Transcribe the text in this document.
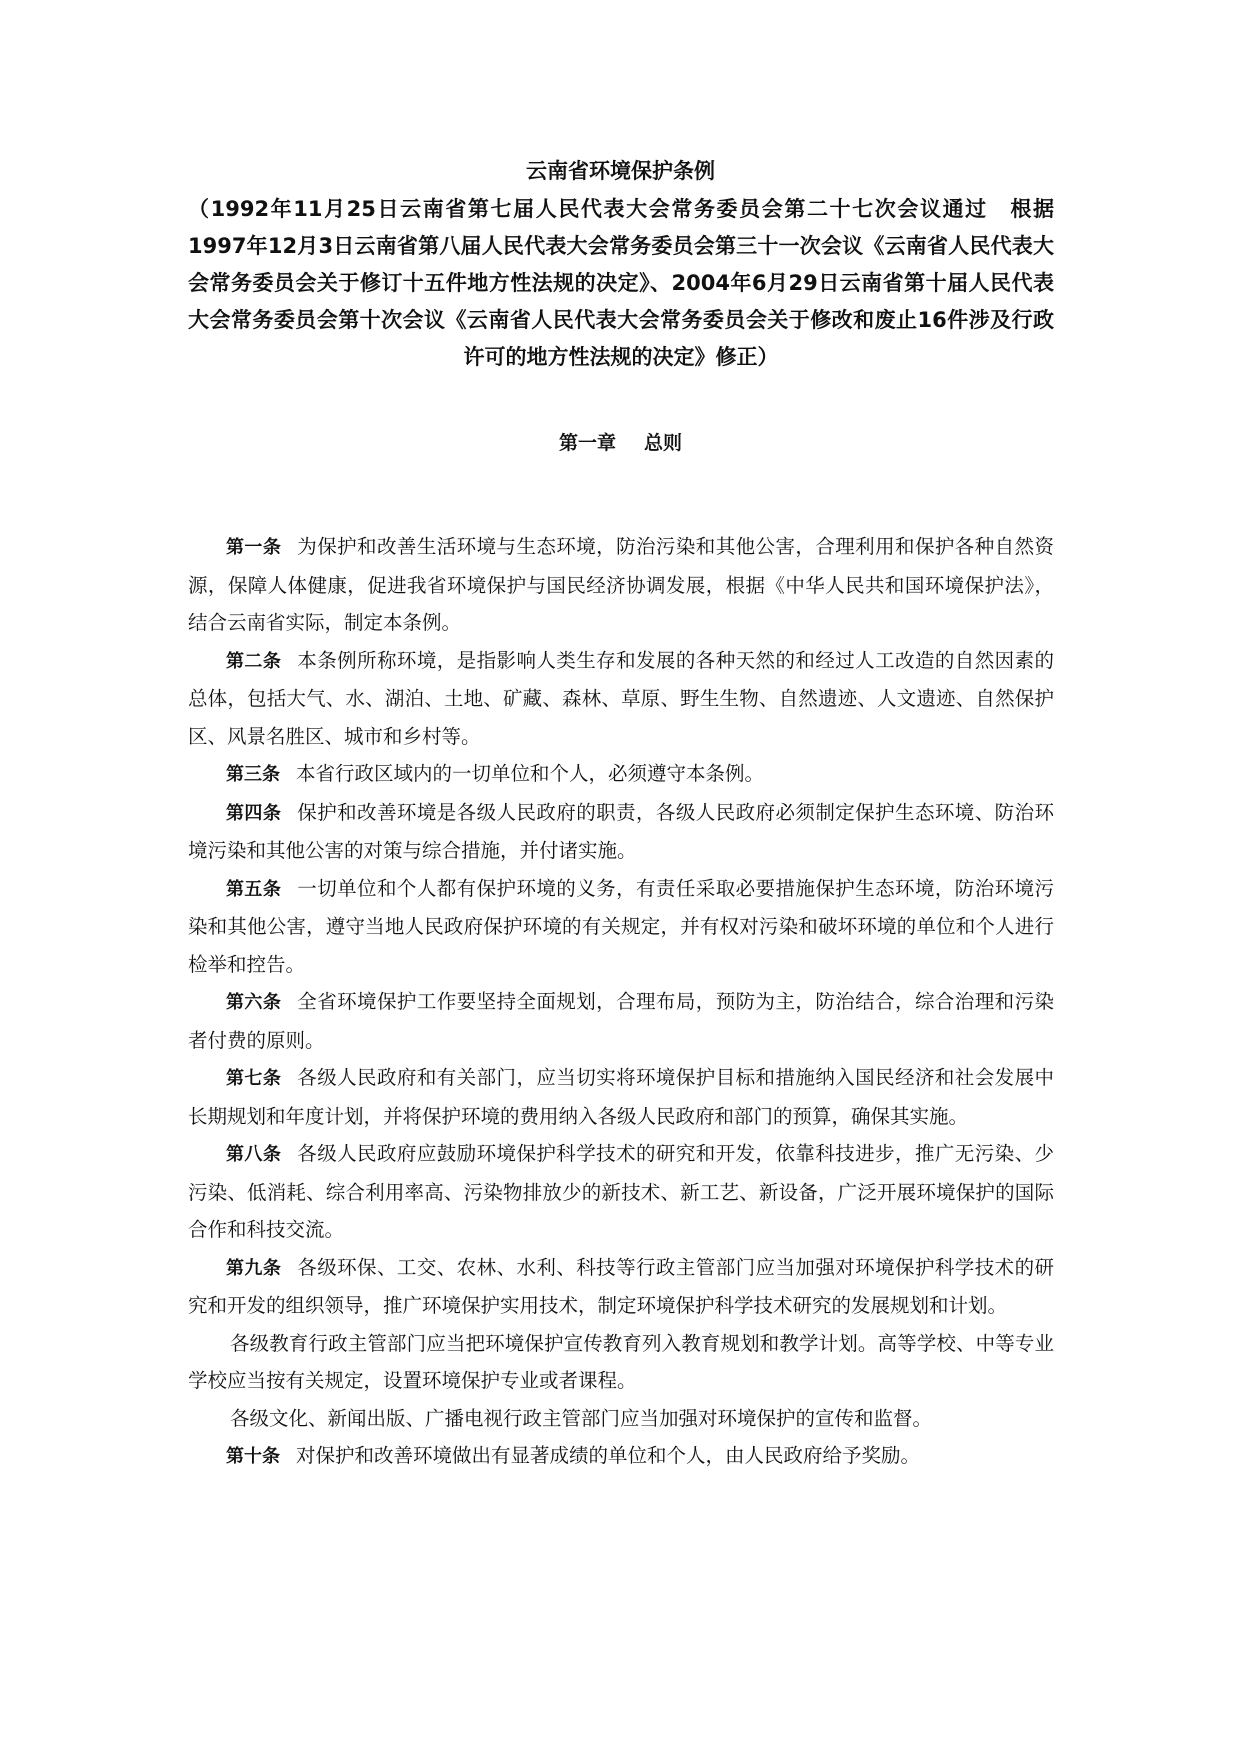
云南省环境保护条例
（1992年11月25日云南省第七届人民代表大会常务委员会第二十七次会议通过　根据1997年12月3日云南省第八届人民代表大会常务委员会第三十一次会议《云南省人民代表大会常务委员会关于修订十五件地方性法规的决定》、2004年6月29日云南省第十届人民代表大会常务委员会第十次会议《云南省人民代表大会常务委员会关于修改和废止16件涉及行政许可的地方性法规的决定》修正）
第一章 总则

第一条 为保护和改善生活环境与生态环境，防治污染和其他公害，合理利用和保护各种自然资源，保障人体健康，促进我省环境保护与国民经济协调发展，根据《中华人民共和国环境保护法》，结合云南省实际，制定本条例。

第二条 本条例所称环境，是指影响人类生存和发展的各种天然的和经过人工改造的自然因素的总体，包括大气、水、湖泊、土地、矿藏、森林、草原、野生生物、自然遗迹、人文遗迹、自然保护区、风景名胜区、城市和乡村等。

第三条 本省行政区域内的一切单位和个人，必须遵守本条例。

第四条 保护和改善环境是各级人民政府的职责，各级人民政府必须制定保护生态环境、防治环境污染和其他公害的对策与综合措施，并付诸实施。

第五条 一切单位和个人都有保护环境的义务，有责任采取必要措施保护生态环境，防治环境污染和其他公害，遵守当地人民政府保护环境的有关规定，并有权对污染和破坏环境的单位和个人进行检举和控告。

第六条 全省环境保护工作要坚持全面规划，合理布局，预防为主，防治结合，综合治理和污染者付费的原则。

第七条 各级人民政府和有关部门，应当切实将环境保护目标和措施纳入国民经济和社会发展中长期规划和年度计划，并将保护环境的费用纳入各级人民政府和部门的预算，确保其实施。

第八条 各级人民政府应鼓励环境保护科学技术的研究和开发，依靠科技进步，推广无污染、少污染、低消耗、综合利用率高、污染物排放少的新技术、新工艺、新设备，广泛开展环境保护的国际合作和科技交流。

第九条 各级环保、工交、农林、水利、科技等行政主管部门应当加强对环境保护科学技术的研究和开发的组织领导，推广环境保护实用技术，制定环境保护科学技术研究的发展规划和计划。

各级教育行政主管部门应当把环境保护宣传教育列入教育规划和教学计划。高等学校、中等专业学校应当按有关规定，设置环境保护专业或者课程。

各级文化、新闻出版、广播电视行政主管部门应当加强对环境保护的宣传和监督。

第十条 对保护和改善环境做出有显著成绩的单位和个人，由人民政府给予奖励。
